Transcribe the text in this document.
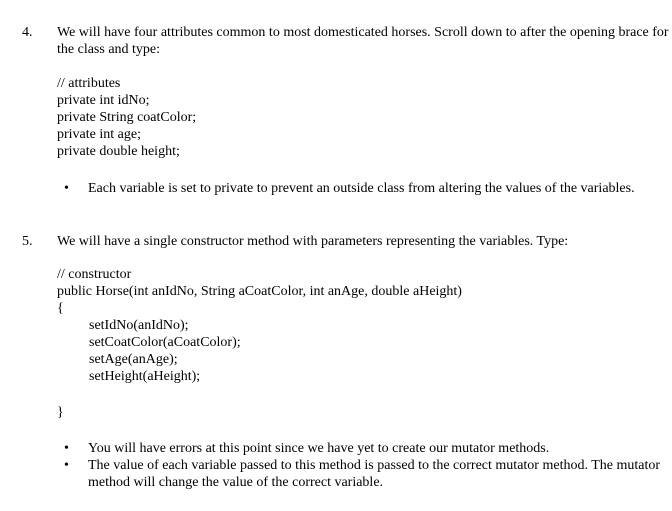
4. We will have four attributes common to most domesticated horses. Scroll down to after the opening brace for the class and type:
// attributes
private int idNo;
private String coatColor;
private int age;
private double height;
• Each variable is set to private to prevent an outside class from altering the values of the variables.
5. We will have a single constructor method with parameters representing the variables. Type:
// constructor
public Horse(int anIdNo, String aCoatColor, int anAge, double aHeight)
{
setIdNo(anIdNo);
setCoatColor(aCoatColor);
setAge(anAge);
setHeight(aHeight);
}
• You will have errors at this point since we have yet to create our mutator methods.
• The value of each variable passed to this method is passed to the correct mutator method. The mutator method will change the value of the correct variable.
